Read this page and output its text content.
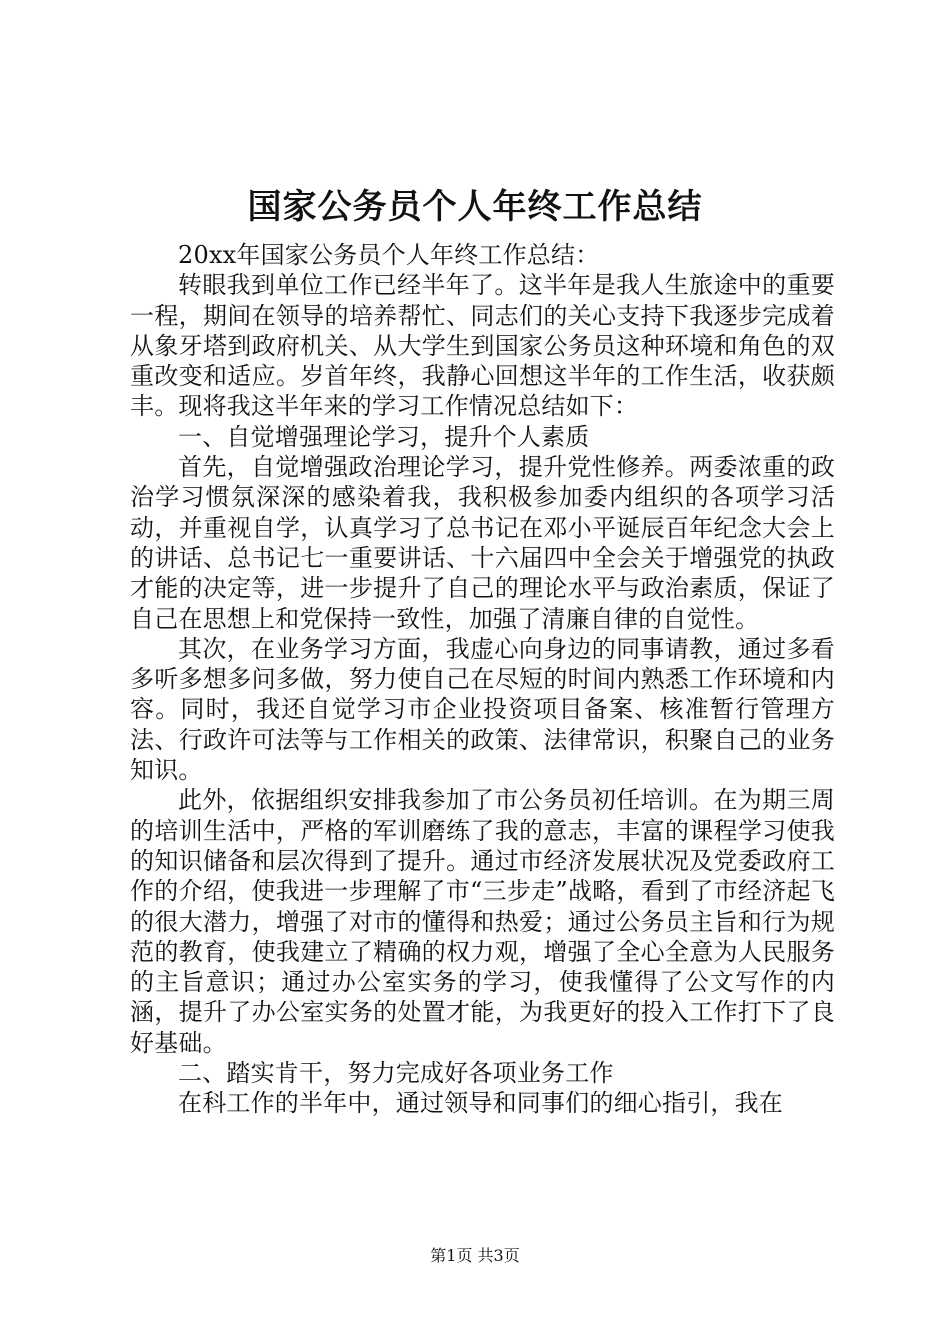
国家公务员个人年终工作总结

20xx年国家公务员个人年终工作总结：

转眼我到单位工作已经半年了。这半年是我人生旅途中的重要一程，期间在领导的培养帮忙、同志们的关心支持下我逐步完成着从象牙塔到政府机关、从大学生到国家公务员这种环境和角色的双重改变和适应。岁首年终，我静心回想这半年的工作生活，收获颇丰。现将我这半年来的学习工作情况总结如下：

一、自觉增强理论学习，提升个人素质

首先，自觉增强政治理论学习，提升党性修养。两委浓重的政治学习惯氛深深的感染着我，我积极参加委内组织的各项学习活动，并重视自学，认真学习了总书记在邓小平诞辰百年纪念大会上的讲话、总书记七一重要讲话、十六届四中全会关于增强党的执政才能的决定等，进一步提升了自己的理论水平与政治素质，保证了自己在思想上和党保持一致性，加强了清廉自律的自觉性。

其次，在业务学习方面，我虚心向身边的同事请教，通过多看多听多想多问多做，努力使自己在尽短的时间内熟悉工作环境和内容。同时，我还自觉学习市企业投资项目备案、核准暂行管理方法、行政许可法等与工作相关的政策、法律常识，积聚自己的业务知识。

此外，依据组织安排我参加了市公务员初任培训。在为期三周的培训生活中，严格的军训磨练了我的意志，丰富的课程学习使我的知识储备和层次得到了提升。通过市经济发展状况及党委政府工作的介绍，使我进一步理解了市“三步走”战略，看到了市经济起飞的很大潜力，增强了对市的懂得和热爱；通过公务员主旨和行为规范的教育，使我建立了精确的权力观，增强了全心全意为人民服务的主旨意识；通过办公室实务的学习，使我懂得了公文写作的内涵，提升了办公室实务的处置才能，为我更好的投入工作打下了良好基础。

二、踏实肯干，努力完成好各项业务工作

在科工作的半年中，通过领导和同事们的细心指引，我在

第1页 共3页
